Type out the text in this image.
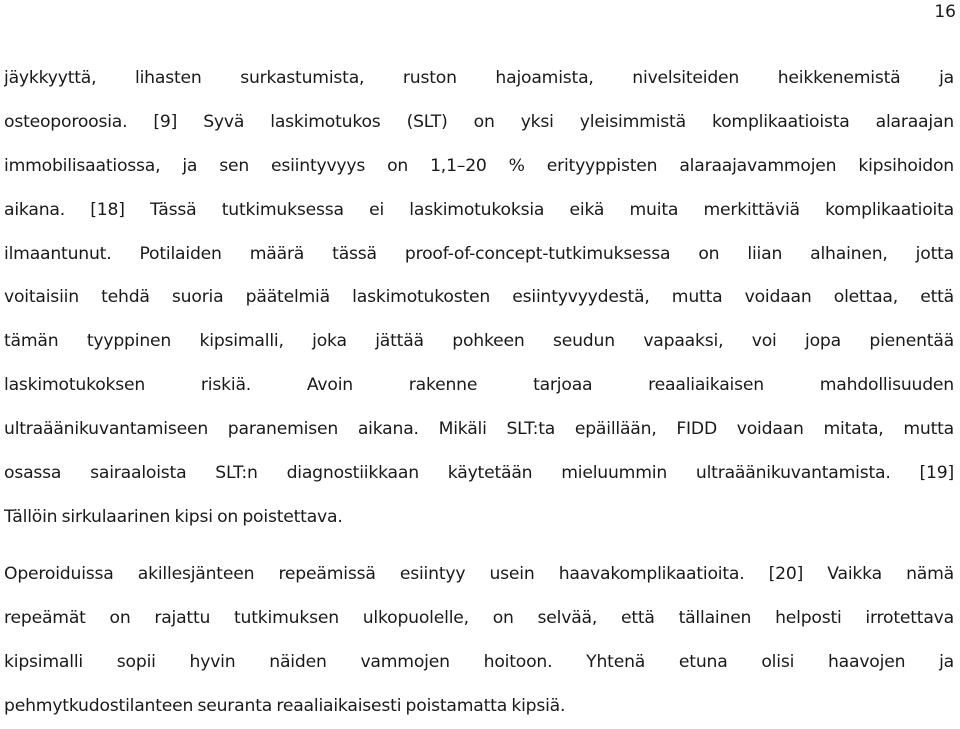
16
jäykkyyttä, lihasten surkastumista, ruston hajoamista, nivelsiteiden heikkenemistä ja
osteoporoosia. [9] Syvä laskimotukos (SLT) on yksi yleisimmistä komplikaatioista alaraajan
immobilisaatiossa, ja sen esiintyvyys on 1,1–20 % erityyppisten alaraajavammojen kipsihoidon
aikana. [18] Tässä tutkimuksessa ei laskimotukoksia eikä muita merkittäviä komplikaatioita
ilmaantunut. Potilaiden määrä tässä proof-of-concept-tutkimuksessa on liian alhainen, jotta
voitaisiin tehdä suoria päätelmiä laskimotukosten esiintyvyydestä, mutta voidaan olettaa, että
tämän tyyppinen kipsimalli, joka jättää pohkeen seudun vapaaksi, voi jopa pienentää
laskimotukoksen riskiä. Avoin rakenne tarjoaa reaaliaikaisen mahdollisuuden
ultraäänikuvantamiseen paranemisen aikana. Mikäli SLT:ta epäillään, FIDD voidaan mitata, mutta
osassa sairaaloista SLT:n diagnostiikkaan käytetään mieluummin ultraäänikuvantamista. [19]
Tällöin sirkulaarinen kipsi on poistettava.
Operoiduissa akillesjänteen repeämissä esiintyy usein haavakomplikaatioita. [20] Vaikka nämä
repeämät on rajattu tutkimuksen ulkopuolelle, on selvää, että tällainen helposti irrotettava
kipsimalli sopii hyvin näiden vammojen hoitoon. Yhtenä etuna olisi haavojen ja
pehmytkudostilanteen seuranta reaaliaikaisesti poistamatta kipsiä.
